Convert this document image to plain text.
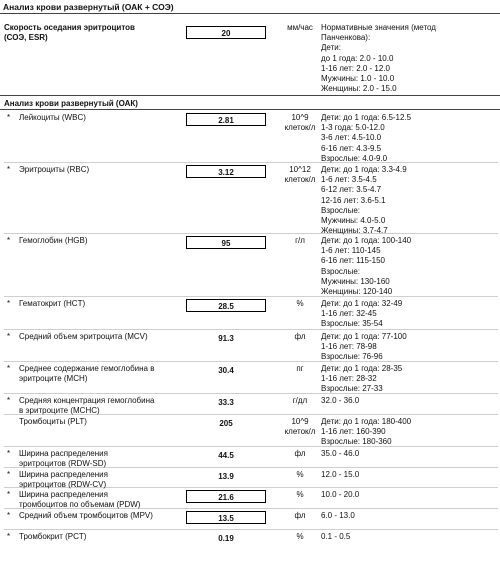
Анализ крови развернутый (ОАК + СОЭ)
Скорость оседания эритроцитов
(СОЭ, ESR)	20
мм/час	Нормативные значения (метод
Панченкова):
Дети:
до 1 года: 2.0 - 10.0
1-16 лет: 2.0 - 12.0
Мужчины: 1.0 - 10.0
Женщины: 2.0 - 15.0
Анализ крови развернутый (ОАК)
* Лейкоциты (WBC)	2.81	10^9
клеток/л
Дети: до 1 года: 6.5-12.5
1-3 года: 5.0-12.0
3-6 лет: 4.5-10.0
6-16 лет: 4.3-9.5
Взрослые: 4.0-9.0
* Эритроциты (RBC)	3.12	10^12
клеток/л
Дети: до 1 года: 3.3-4.9
1-6 лет: 3.5-4.5
6-12 лет: 3.5-4.7
12-16 лет: 3.6-5.1
Взрослые:
Мужчины: 4.0-5.0
Женщины: 3.7-4.7
* Гемоглобин (HGB)	95	г/л	Дети: до 1 года: 100-140
1-6 лет: 110-145
6-16 лет: 115-150
Взрослые:
Мужчины: 130-160
Женщины: 120-140
* Гематокрит (HCT)	28.5	%	Дети: до 1 года: 32-49
1-16 лет: 32-45
Взрослые: 35-54
* Средний объем эритроцита (MCV)	91.3	фл	Дети: до 1 года: 77-100
1-16 лет: 78-98
Взрослые: 76-96
* Среднее содержание гемоглобина в
эритроците (MCH)
30.4	пг	Дети: до 1 года: 28-35
1-16 лет: 28-32
Взрослые: 27-33
* Средняя концентрация гемоглобина
в эритроците (MCHC)
33.3	г/дл	32.0 - 36.0
Тромбоциты (PLT)	205	10^9
клеток/л
Дети: до 1 года: 180-400
1-16 лет: 160-390
Взрослые: 180-360
* Ширина распределения
эритроцитов (RDW-SD)
44.5	фл	35.0 - 46.0
* Ширина распределения
эритроцитов (RDW-CV)
13.9	%	12.0 - 15.0
* Ширина распределения
тромбоцитов по объемам (PDW)
21.6	%	10.0 - 20.0
* Средний объем тромбоцитов (MPV)	13.5	фл	6.0 - 13.0
* Тромбокрит (PCT)	0.19	%	0.1 - 0.5
